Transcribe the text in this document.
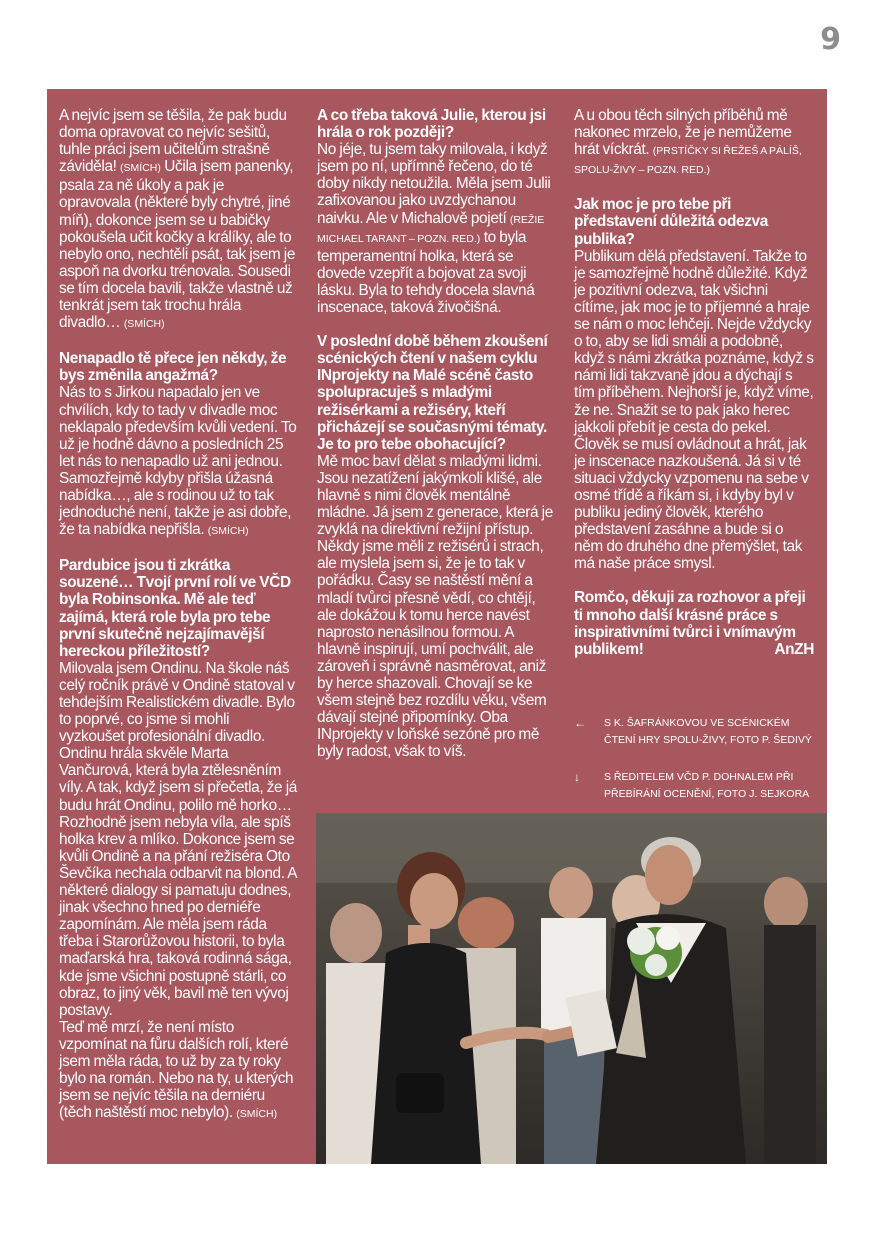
9

A nejvíc jsem se těšila, že pak budu doma opravovat co nejvíc sešitů, tuhle práci jsem učitelům strašně záviděla! (SMÍCH) Učila jsem panenky, psala za ně úkoly a pak je opravovala (některé byly chytré, jiné míň), dokonce jsem se u babičky pokoušela učit kočky a králíky, ale to nebylo ono, nechtěli psát, tak jsem je aspoň na dvorku trénovala. Sousedi se tím docela bavili, takže vlastně už tenkrát jsem tak trochu hrála divadlo… (SMÍCH)

Nenapadlo tě přece jen někdy, že bys změnila angažmá?
Nás to s Jirkou napadalo jen ve chvílích, kdy to tady v divadle moc neklapalo především kvůli vedení. To už je hodně dávno a posledních 25 let nás to nenapadlo už ani jednou. Samozřejmě kdyby přišla úžasná nabídka…, ale s rodinou už to tak jednoduché není, takže je asi dobře, že ta nabídka nepřišla. (SMÍCH)

Pardubice jsou ti zkrátka souzené… Tvojí první rolí ve VČD byla Robinsonka. Mě ale teď zajímá, která role byla pro tebe první skutečně nejzajímavější hereckou příležitostí?
Milovala jsem Ondinu. Na škole náš celý ročník právě v Ondině statoval v tehdejším Realistickém divadle. Bylo to poprvé, co jsme si mohli vyzkoušet profesionální divadlo. Ondinu hrála skvěle Marta Vančurová, která byla ztělesněním víly. A tak, když jsem si přečetla, že já budu hrát Ondinu, polilo mě horko… Rozhodně jsem nebyla víla, ale spíš holka krev a mlíko. Dokonce jsem se kvůli Ondině a na přání režiséra Oto Ševčíka nechala odbarvit na blond. A některé dialogy si pamatuju dodnes, jinak všechno hned po derniéře zapomínám. Ale měla jsem ráda třeba i Starorůžovou historii, to byla maďarská hra, taková rodinná sága, kde jsme všichni postupně stárli, co obraz, to jiný věk, bavil mě ten vývoj postavy.

Teď mě mrzí, že není místo vzpomínat na fůru dalších rolí, které jsem měla ráda, to už by za ty roky bylo na román. Nebo na ty, u kterých jsem se nejvíc těšila na derniéru (těch naštěstí moc nebylo). (SMÍCH)

A co třeba taková Julie, kterou jsi hrála o rok později?
No jéje, tu jsem taky milovala, i když jsem po ní, upřímně řečeno, do té doby nikdy netoužila. Měla jsem Julii zafixovanou jako uvzdychanou naivku. Ale v Michalově pojetí (REŽIE MICHAEL TARANT – POZN. RED.) to byla temperamentní holka, která se dovede vzepřít a bojovat za svoji lásku. Byla to tehdy docela slavná inscenace, taková živočišná.

V poslední době během zkoušení scénických čtení v našem cyklu INprojekty na Malé scéně často spolupracuješ s mladými režisérkami a režiséry, kteří přicházejí se současnými tématy. Je to pro tebe obohacující?
Mě moc baví dělat s mladými lidmi. Jsou nezatížení jakýmkoli klišé, ale hlavně s nimi člověk mentálně mládne. Já jsem z generace, která je zvyklá na direktivní režijní přístup. Někdy jsme měli z režisérů i strach, ale myslela jsem si, že je to tak v pořádku. Časy se naštěstí mění a mladí tvůrci přesně vědí, co chtějí, ale dokážou k tomu herce navést naprosto nenásilnou formou. A hlavně inspirují, umí pochválit, ale zároveň i správně nasměrovat, aniž by herce shazovali. Chovají se ke všem stejně bez rozdílu věku, všem dávají stejné připomínky. Oba INprojekty v loňské sezóně pro mě byly radost, však to víš.

A u obou těch silných příběhů mě nakonec mrzelo, že je nemůžeme hrát víckrát. (PRSTÍČKY SI ŘEŽEŠ A PÁLÍŠ, SPOLU-ŽIVY – POZN. RED.)

Jak moc je pro tebe při představení důležitá odezva publika?
Publikum dělá představení. Takže to je samozřejmě hodně důležité. Když je pozitivní odezva, tak všichni cítíme, jak moc je to příjemné a hraje se nám o moc lehčeji. Nejde vždycky o to, aby se lidi smáli a podobně, když s námi zkrátka poznáme, když s námi lidi takzvaně jdou a dýchají s tím příběhem. Nejhorší je, když víme, že ne. Snažit se to pak jako herec jakkoli přebít je cesta do pekel. Člověk se musí ovládnout a hrát, jak je inscenace nazkoušená. Já si v té situaci vždycky vzpomenu na sebe v osmé třídě a říkám si, i kdyby byl v publiku jediný člověk, kterého představení zasáhne a bude si o něm do druhého dne přemýšlet, tak má naše práce smysl.

Romčo, děkuji za rozhovor a přeji ti mnoho další krásné práce s inspirativními tvůrci i vnímavým publikem!	AnZH

←	S K. ŠAFRÁNKOVOU VE SCÉNICKÉM ČTENÍ HRY SPOLU-ŽIVY, FOTO P. ŠEDIVÝ
↓	S ŘEDITELEM VČD P. DOHNALEM PŘI PŘEBÍRÁNÍ OCENĚNÍ, FOTO J. SEJKORA
